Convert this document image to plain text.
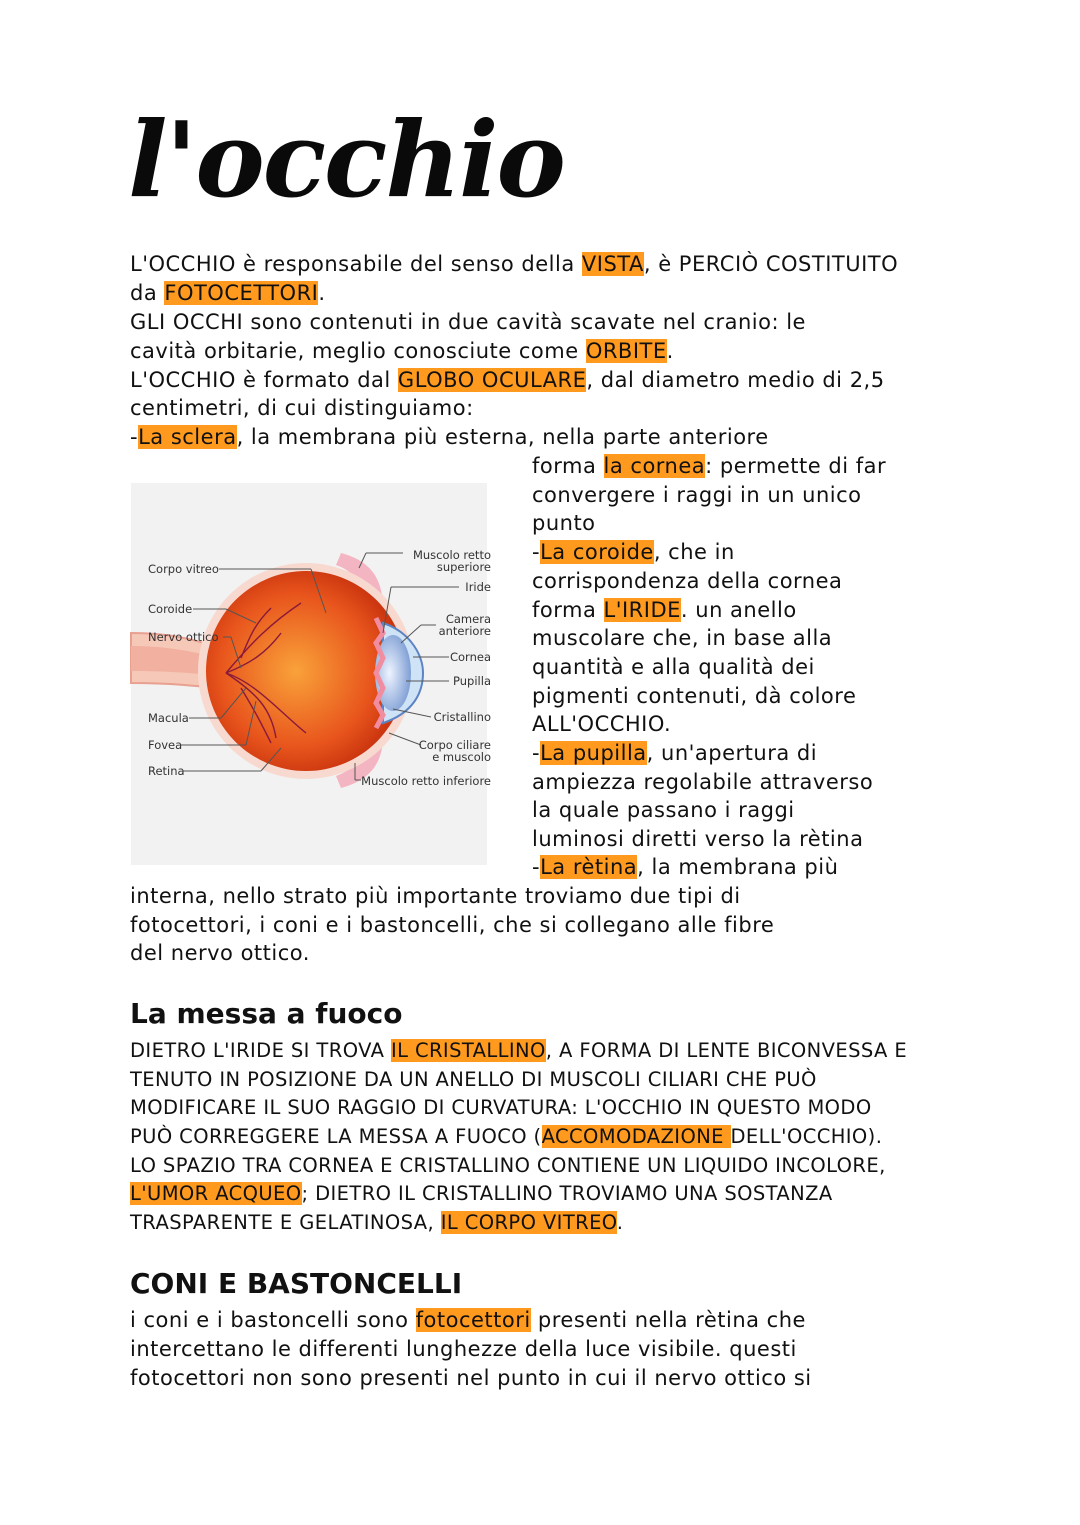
l'occhio

L'OCCHIO è responsabile del senso della VISTA, è PERCIÒ COSTITUITO

da FOTOCETTORI.

GLI OCCHI sono contenuti in due cavità scavate nel cranio: le

cavità orbitarie, meglio conosciute come ORBITE.

L'OCCHIO è formato dal GLOBO OCULARE, dal diametro medio di 2,5

centimetri, di cui distinguiamo:

-La sclera, la membrana più esterna, nella parte anteriore

Corpo vitreo
Coroide
Nervo ottico
Macula
Fovea
Retina
Muscolo retto
superiore
Iride
Camera
anteriore
Cornea
Pupilla
Cristallino
Corpo ciliare
e muscolo
Muscolo retto inferiore

forma la cornea: permette di far

convergere i raggi in un unico

punto

-La coroide, che in

corrispondenza della cornea

forma L'IRIDE. un anello

muscolare che, in base alla

quantità e alla qualità dei

pigmenti contenuti, dà colore

ALL'OCCHIO.

-La pupilla, un'apertura di

ampiezza regolabile attraverso

la quale passano i raggi

luminosi diretti verso la rètina

-La rètina, la membrana più

interna, nello strato più importante troviamo due tipi di

fotocettori, i coni e i bastoncelli, che si collegano alle fibre

del nervo ottico.

La messa a fuoco

DIETRO L'IRIDE SI TROVA IL CRISTALLINO, A FORMA DI LENTE BICONVESSA E

TENUTO IN POSIZIONE DA UN ANELLO DI MUSCOLI CILIARI CHE PUÒ

MODIFICARE IL SUO RAGGIO DI CURVATURA: L'OCCHIO IN QUESTO MODO

PUÒ CORREGGERE LA MESSA A FUOCO (ACCOMODAZIONE DELL'OCCHIO).

LO SPAZIO TRA CORNEA E CRISTALLINO CONTIENE UN LIQUIDO INCOLORE,

L'UMOR ACQUEO; DIETRO IL CRISTALLINO TROVIAMO UNA SOSTANZA

TRASPARENTE E GELATINOSA, IL CORPO VITREO.

CONI E BASTONCELLI

i coni e i bastoncelli sono fotocettori presenti nella rètina che

intercettano le differenti lunghezze della luce visibile. questi

fotocettori non sono presenti nel punto in cui il nervo ottico si
